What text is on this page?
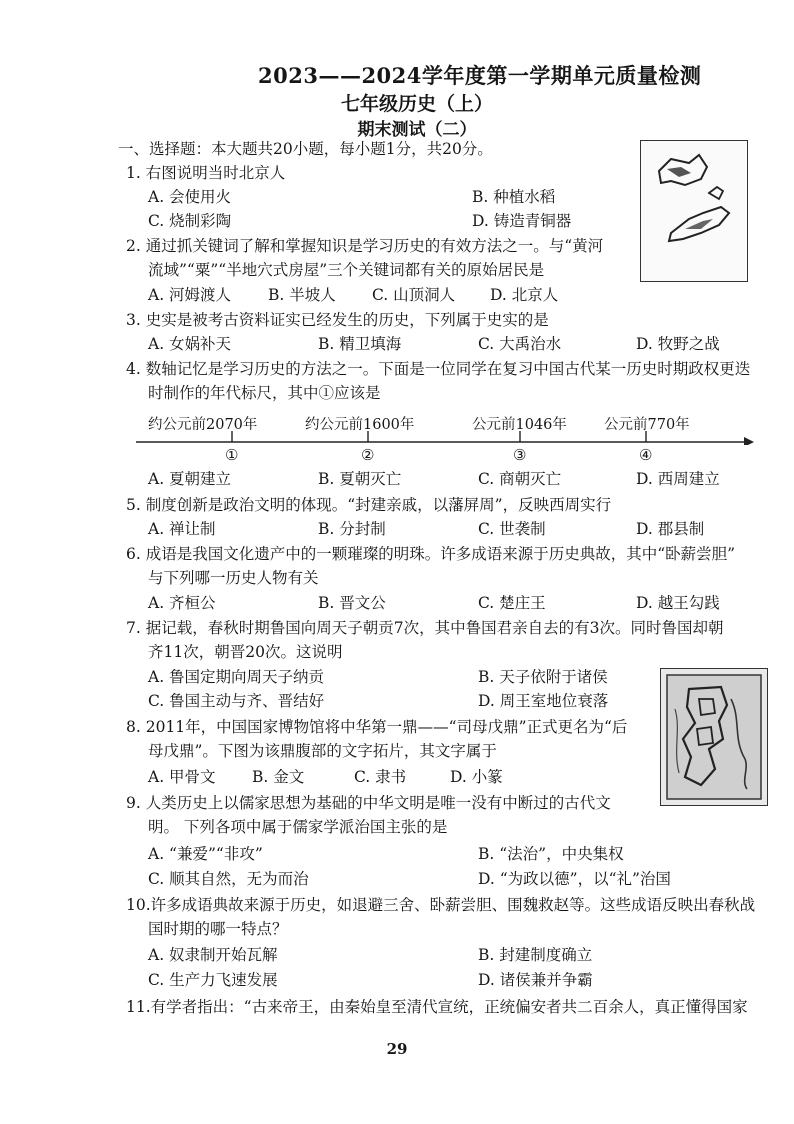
2023——2024学年度第一学期单元质量检测
七年级历史（上）
期末测试（二）
一、选择题：本大题共20小题，每小题1分，共20分。
1. 右图说明当时北京人
A. 会使用火	B. 种植水稻
C. 烧制彩陶	D. 铸造青铜器
2. 通过抓关键词了解和掌握知识是学习历史的有效方法之一。与“黄河
流域”“粟”“半地穴式房屋”三个关键词都有关的原始居民是
A. 河姆渡人 B. 半坡人 C. 山顶洞人 D. 北京人
3. 史实是被考古资料证实已经发生的历史，下列属于史实的是
A. 女娲补天	B. 精卫填海	C. 大禹治水	D. 牧野之战
4. 数轴记忆是学习历史的方法之一。下面是一位同学在复习中国古代某一历史时期政权更迭
时制作的年代标尺，其中①应该是
约公元前2070年	约公元前1600年	公元前1046年	公元前770年
①	②	③	④
A. 夏朝建立	B. 夏朝灭亡	C. 商朝灭亡	D. 西周建立
5. 制度创新是政治文明的体现。“封建亲戚，以藩屏周”，反映西周实行
A. 禅让制	B. 分封制	C. 世袭制	D. 郡县制
6. 成语是我国文化遗产中的一颗璀璨的明珠。许多成语来源于历史典故，其中“卧薪尝胆”
与下列哪一历史人物有关
A. 齐桓公	B. 晋文公	C. 楚庄王	D. 越王勾践
7. 据记载，春秋时期鲁国向周天子朝贡7次，其中鲁国君亲自去的有3次。同时鲁国却朝
齐11次，朝晋20次。这说明
A. 鲁国定期向周天子纳贡	B. 天子依附于诸侯
C. 鲁国主动与齐、晋结好	D. 周王室地位衰落
8. 2011年，中国国家博物馆将中华第一鼎——“司母戊鼎”正式更名为“后
母戊鼎”。下图为该鼎腹部的文字拓片，其文字属于
A. 甲骨文 B. 金文	C. 隶书	D. 小篆
9. 人类历史上以儒家思想为基础的中华文明是唯一没有中断过的古代文
明。 下列各项中属于儒家学派治国主张的是
A. “兼爱”“非攻”	B. “法治”，中央集权
C. 顺其自然，无为而治	D. “为政以德”，以“礼”治国
10.许多成语典故来源于历史，如退避三舍、卧薪尝胆、围魏救赵等。这些成语反映出春秋战
国时期的哪一特点？
A. 奴隶制开始瓦解	B. 封建制度确立
C. 生产力飞速发展	D. 诸侯兼并争霸
11.有学者指出：“古来帝王，由秦始皇至清代宣统，正统偏安者共二百余人，真正懂得国家
29
